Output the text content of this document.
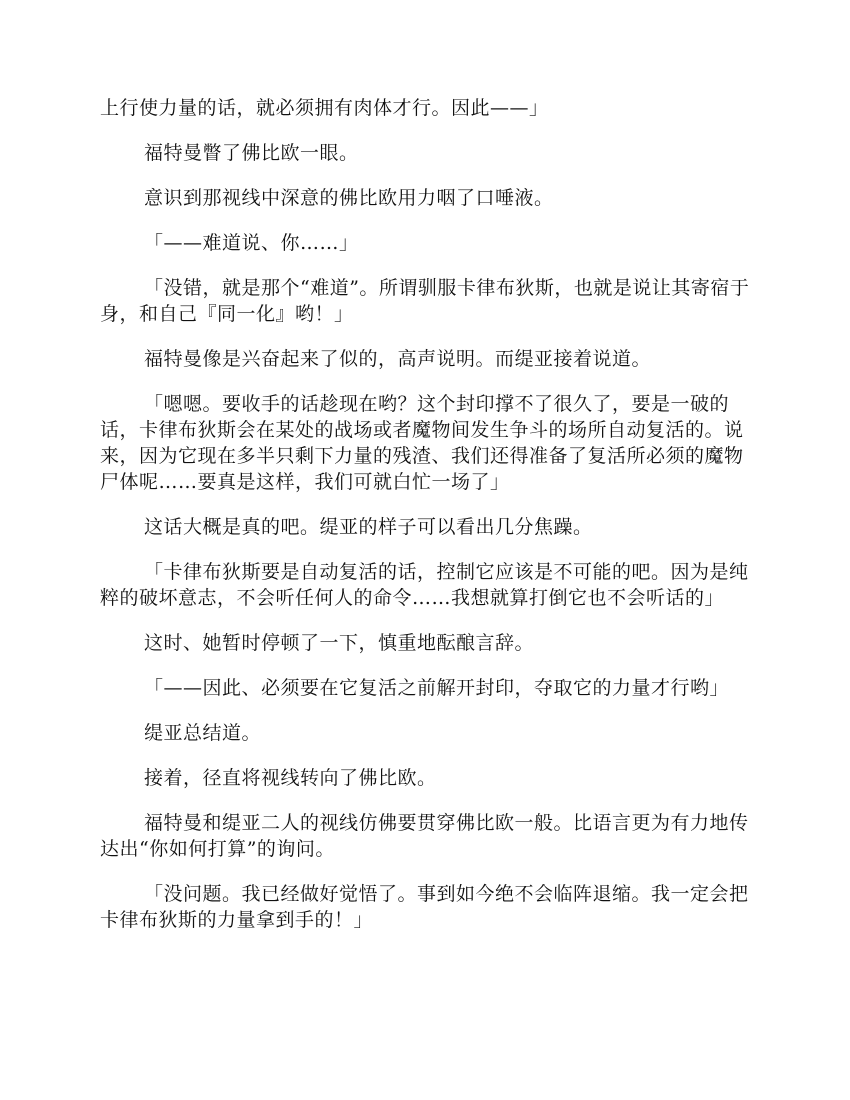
上行使力量的话，就必须拥有肉体才行。因此——」

福特曼瞥了佛比欧一眼。

意识到那视线中深意的佛比欧用力咽了口唾液。

「——难道说、你……」

「没错，就是那个“难道”。所谓驯服卡律布狄斯，也就是说让其寄宿于身，和自己『同一化』哟！」

福特曼像是兴奋起来了似的，高声说明。而缇亚接着说道。

「嗯嗯。要收手的话趁现在哟？这个封印撑不了很久了，要是一破的话，卡律布狄斯会在某处的战场或者魔物间发生争斗的场所自动复活的。说来，因为它现在多半只剩下力量的残渣、我们还得准备了复活所必须的魔物尸体呢……要真是这样，我们可就白忙一场了」

这话大概是真的吧。缇亚的样子可以看出几分焦躁。

「卡律布狄斯要是自动复活的话，控制它应该是不可能的吧。因为是纯粹的破坏意志，不会听任何人的命令……我想就算打倒它也不会听话的」

这时、她暂时停顿了一下，慎重地酝酿言辞。

「——因此、必须要在它复活之前解开封印，夺取它的力量才行哟」

缇亚总结道。

接着，径直将视线转向了佛比欧。

福特曼和缇亚二人的视线仿佛要贯穿佛比欧一般。比语言更为有力地传达出“你如何打算”的询问。

「没问题。我已经做好觉悟了。事到如今绝不会临阵退缩。我一定会把卡律布狄斯的力量拿到手的！」
